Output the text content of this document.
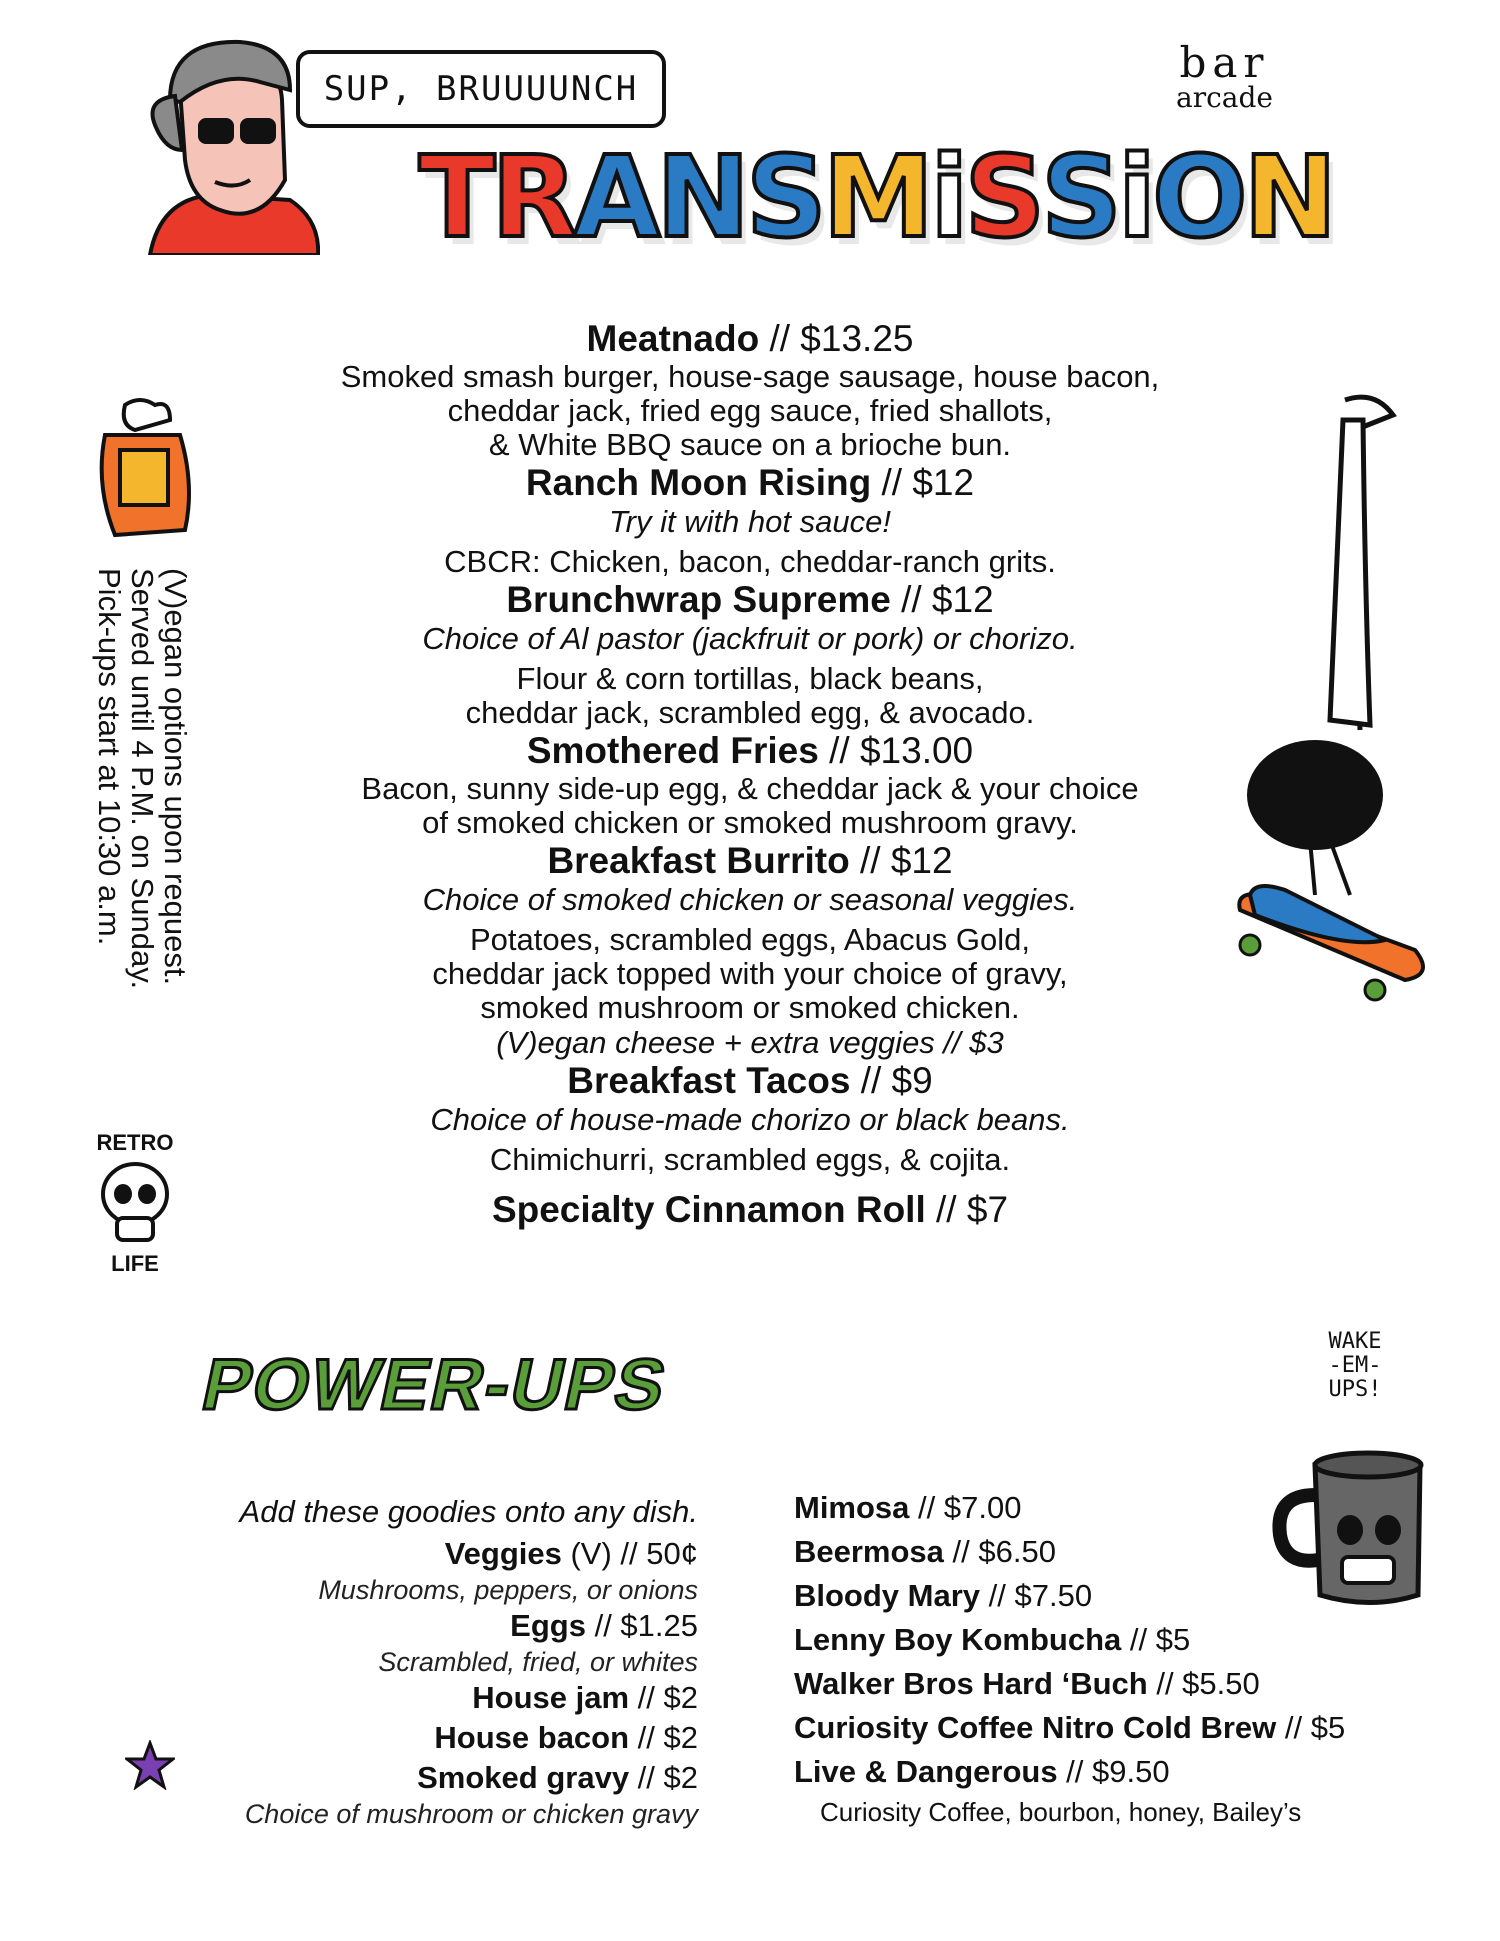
SUP, BRUUUUNCH
bar
arcade
T R A N S M i S S i O N
(V)egan options upon request.
Served until 4 P.M. on Sunday.
Pick-ups start at 10:30 a.m.
RETRO
LIFE
Meatnado // $13.25
Smoked smash burger, house-sage sausage, house bacon,
cheddar jack, fried egg sauce, fried shallots,
& White BBQ sauce on a brioche bun.
Ranch Moon Rising // $12
Try it with hot sauce!
CBCR: Chicken, bacon, cheddar-ranch grits.
Brunchwrap Supreme // $12
Choice of Al pastor (jackfruit or pork) or chorizo.
Flour & corn tortillas, black beans,
cheddar jack, scrambled egg, & avocado.
Smothered Fries // $13.00
Bacon, sunny side-up egg, & cheddar jack & your choice
of smoked chicken or smoked mushroom gravy.
Breakfast Burrito // $12
Choice of smoked chicken or seasonal veggies.
Potatoes, scrambled eggs, Abacus Gold,
cheddar jack topped with your choice of gravy,
smoked mushroom or smoked chicken.
(V)egan cheese + extra veggies // $3
Breakfast Tacos // $9
Choice of house-made chorizo or black beans.
Chimichurri, scrambled eggs, & cojita.
Specialty Cinnamon Roll // $7
WAKE
-EM-
UPS!
POWER-UPS
Add these goodies onto any dish.
Veggies (V) // 50¢
Mushrooms, peppers, or onions
Eggs // $1.25
Scrambled, fried, or whites
House jam // $2
House bacon // $2
Smoked gravy // $2
Choice of mushroom or chicken gravy
Mimosa // $7.00
Beermosa // $6.50
Bloody Mary // $7.50
Lenny Boy Kombucha // $5
Walker Bros Hard ‘Buch // $5.50
Curiosity Coffee Nitro Cold Brew // $5
Live & Dangerous // $9.50
Curiosity Coffee, bourbon, honey, Bailey’s
